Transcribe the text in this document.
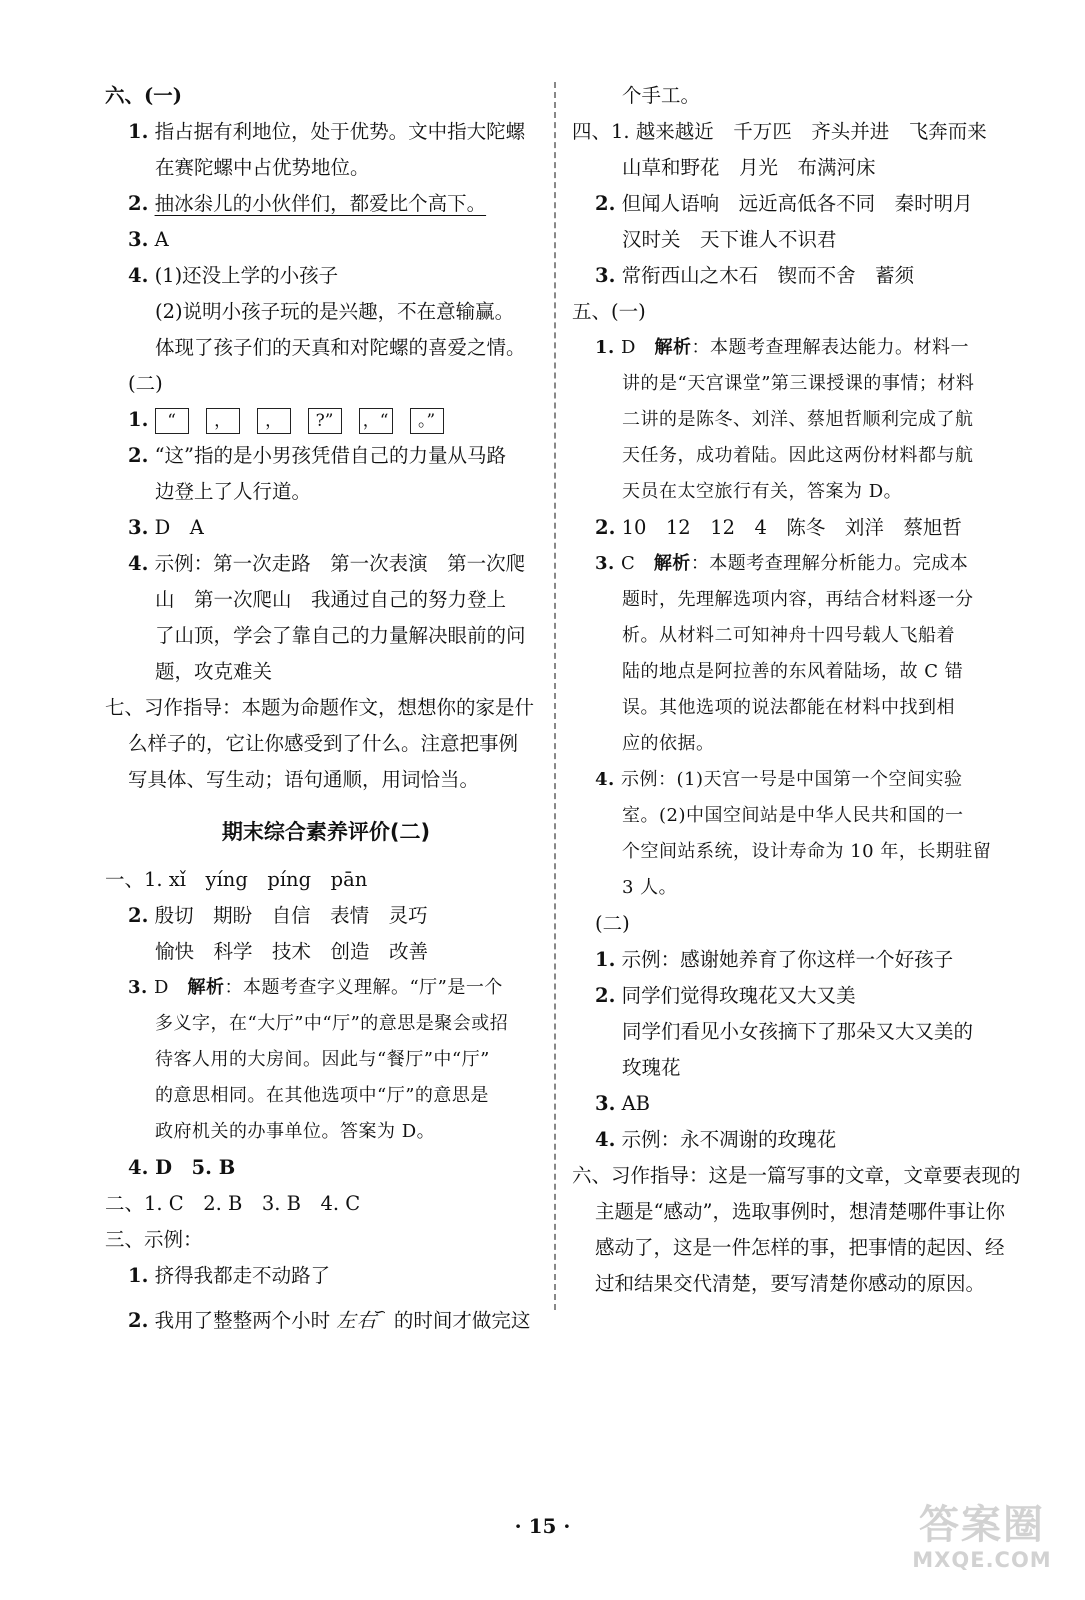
六、(一)
1. 指占据有利地位，处于优势。文中指大陀螺
在赛陀螺中占优势地位。
2. 抽冰尜儿的小伙伴们，都爱比个高下。
3. A
4. (1)还没上学的小孩子
(2)说明小孩子玩的是兴趣，不在意输赢。
体现了孩子们的天真和对陀螺的喜爱之情。
(二)
1. “ ， ， ?” ，“ 。”
2. “这”指的是小男孩凭借自己的力量从马路
边登上了人行道。
3. D　A
4. 示例：第一次走路　第一次表演　第一次爬
山　第一次爬山　我通过自己的努力登上
了山顶，学会了靠自己的力量解决眼前的问
题，攻克难关
七、习作指导：本题为命题作文，想想你的家是什
么样子的，它让你感受到了什么。注意把事例
写具体、写生动；语句通顺，用词恰当。
期末综合素养评价(二)
一、1. xǐ　yíng　píng　pān
2. 殷切　期盼　自信　表情　灵巧
愉快　科学　技术　创造　改善
3. D　 解析：本题考查字义理解。“厅”是一个
多义字，在“大厅”中“厅”的意思是聚会或招
待客人用的大房间。因此与“餐厅”中“厅”
的意思相同。在其他选项中“厅”的意思是
政府机关的办事单位。答案为 D。
4. D　5. B
二、1. C　2. B　3. B　4. C
三、示例：
1. 挤得我都走不动路了
2. 我用了整整两个小时 左右∽ 的时间才做完这
个手工。
四、1. 越来越近　千万匹　齐头并进　飞奔而来
山草和野花　月光　布满河床
2. 但闻人语响　远近高低各不同　秦时明月
汉时关　天下谁人不识君
3. 常衔西山之木石　锲而不舍　蓄须
五、(一)
1. D　 解析：本题考查理解表达能力。材料一
讲的是“天宫课堂”第三课授课的事情；材料
二讲的是陈冬、刘洋、蔡旭哲顺利完成了航
天任务，成功着陆。因此这两份材料都与航
天员在太空旅行有关，答案为 D。
2. 10　12　12　4　陈冬　刘洋　蔡旭哲
3. C　 解析：本题考查理解分析能力。完成本
题时，先理解选项内容，再结合材料逐一分
析。从材料二可知神舟十四号载人飞船着
陆的地点是阿拉善的东风着陆场，故 C 错
误。其他选项的说法都能在材料中找到相
应的依据。
4. 示例：(1)天宫一号是中国第一个空间实验
室。(2)中国空间站是中华人民共和国的一
个空间站系统，设计寿命为 10 年，长期驻留
3 人。
(二)
1. 示例：感谢她养育了你这样一个好孩子
2. 同学们觉得玫瑰花又大又美
同学们看见小女孩摘下了那朵又大又美的
玫瑰花
3. AB
4. 示例：永不凋谢的玫瑰花
六、习作指导：这是一篇写事的文章，文章要表现的
主题是“感动”，选取事例时，想清楚哪件事让你
感动了，这是一件怎样的事，把事情的起因、经
过和结果交代清楚，要写清楚你感动的原因。
· 15 ·	答案圈
MXQE.COM
